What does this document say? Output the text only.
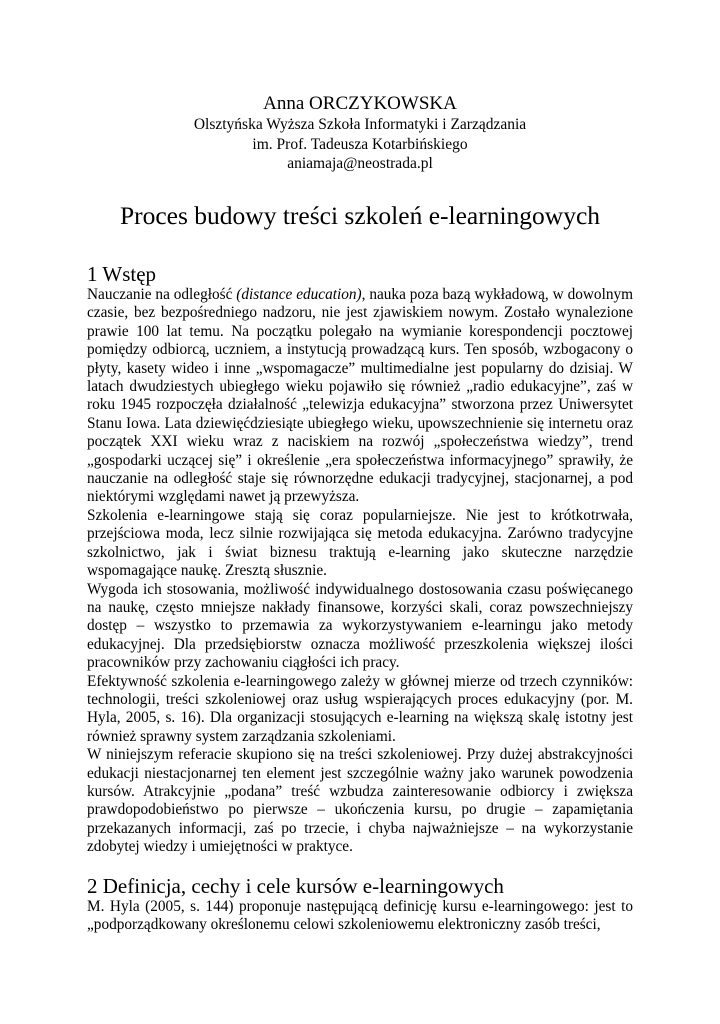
Anna ORCZYKOWSKA
Olsztyńska Wyższa Szkoła Informatyki i Zarządzania
im. Prof. Tadeusza Kotarbińskiego
aniamaja@neostrada.pl
Proces budowy treści szkoleń e-learningowych
1 Wstęp

Nauczanie na odległość (distance education), nauka poza bazą wykładową, w dowolnym czasie, bez bezpośredniego nadzoru, nie jest zjawiskiem nowym. Zostało wynalezione prawie 100 lat temu. Na początku polegało na wymianie korespondencji pocztowej pomiędzy odbiorcą, uczniem, a instytucją prowadzącą kurs. Ten sposób, wzbogacony o płyty, kasety wideo i inne „wspomagacze” multimedialne jest popularny do dzisiaj. W latach dwudziestych ubiegłego wieku pojawiło się również „radio edukacyjne”, zaś w roku 1945 rozpoczęła działalność „telewizja edukacyjna” stworzona przez Uniwersytet Stanu Iowa. Lata dziewięćdziesiąte ubiegłego wieku, upowszechnienie się internetu oraz początek XXI wieku wraz z naciskiem na rozwój „społeczeństwa wiedzy”, trend „gospodarki uczącej się” i określenie „era społeczeństwa informacyjnego” sprawiły, że nauczanie na odległość staje się równorzędne edukacji tradycyjnej, stacjonarnej, a pod niektórymi względami nawet ją przewyższa.

Szkolenia e-learningowe stają się coraz popularniejsze. Nie jest to krótkotrwała, przejściowa moda, lecz silnie rozwijająca się metoda edukacyjna. Zarówno tradycyjne szkolnictwo, jak i świat biznesu traktują e-learning jako skuteczne narzędzie wspomagające naukę. Zresztą słusznie.

Wygoda ich stosowania, możliwość indywidualnego dostosowania czasu poświęcanego na naukę, często mniejsze nakłady finansowe, korzyści skali, coraz powszechniejszy dostęp – wszystko to przemawia za wykorzystywaniem e-learningu jako metody edukacyjnej. Dla przedsiębiorstw oznacza możliwość przeszkolenia większej ilości pracowników przy zachowaniu ciągłości ich pracy.

Efektywność szkolenia e-learningowego zależy w głównej mierze od trzech czynników: technologii, treści szkoleniowej oraz usług wspierających proces edukacyjny (por. M. Hyla, 2005, s. 16). Dla organizacji stosujących e-learning na większą skalę istotny jest również sprawny system zarządzania szkoleniami.

W niniejszym referacie skupiono się na treści szkoleniowej. Przy dużej abstrakcyjności edukacji niestacjonarnej ten element jest szczególnie ważny jako warunek powodzenia kursów. Atrakcyjnie „podana” treść wzbudza zainteresowanie odbiorcy i zwiększa prawdopodobieństwo po pierwsze – ukończenia kursu, po drugie – zapamiętania przekazanych informacji, zaś po trzecie, i chyba najważniejsze – na wykorzystanie zdobytej wiedzy i umiejętności w praktyce.

2 Definicja, cechy i cele kursów e-learningowych

M. Hyla (2005, s. 144) proponuje następującą definicję kursu e-learningowego: jest to „podporządkowany określonemu celowi szkoleniowemu elektroniczny zasób treści,
